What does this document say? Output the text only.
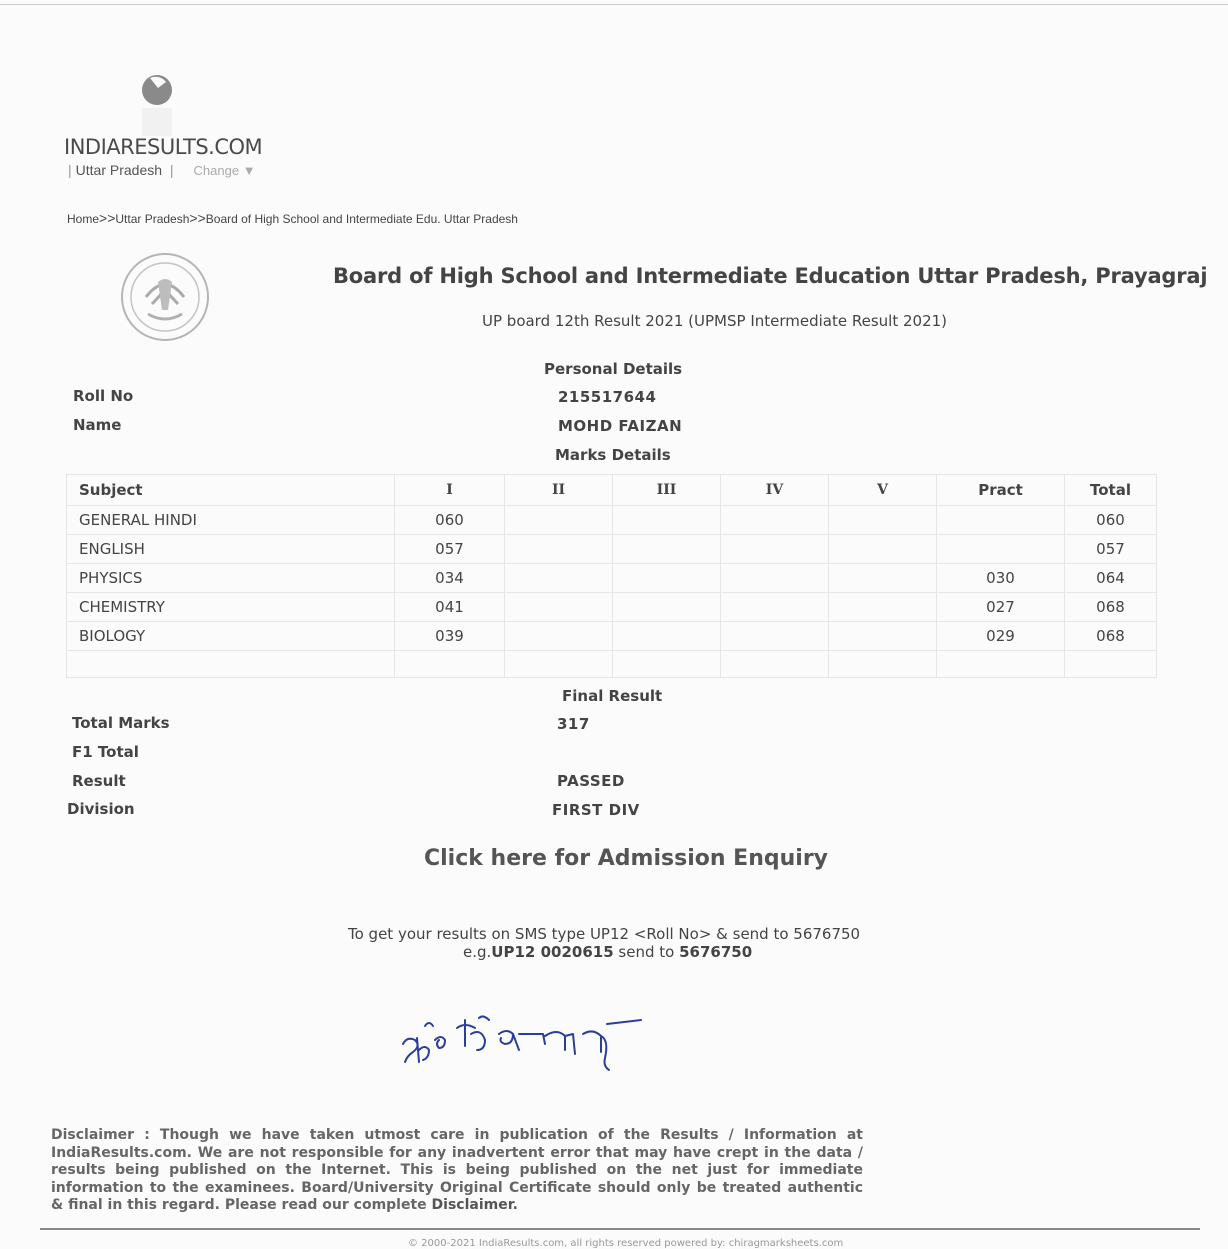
INDIARESULTS.COM
| Uttar Pradesh | Change ▼
Home>>Uttar Pradesh>>Board of High School and Intermediate Edu. Uttar Pradesh
Board of High School and Intermediate Education Uttar Pradesh, Prayagraj
UP board 12th Result 2021 (UPMSP Intermediate Result 2021)
Personal Details
Roll No	215517644
Name	MOHD FAIZAN
Marks Details
Subject	I	II	III	IV	V	Pract	Total
GENERAL HINDI	060						060
ENGLISH	057						057
PHYSICS	034					030	064
CHEMISTRY	041					027	068
BIOLOGY	039					029	068

Final Result
Total Marks	317
F1 Total
Result	PASSED
Division	FIRST DIV
Click here for Admission Enquiry
To get your results on SMS type UP12 <Roll No> & send to 5676750
e.g.UP12 0020615 send to 5676750
मो० फैजान
Disclaimer : Though we have taken utmost care in publication of the Results / Information at IndiaResults.com. We are not responsible for any inadvertent error that may have crept in the data / results being published on the Internet. This is being published on the net just for immediate information to the examinees. Board/University Original Certificate should only be treated authentic & final in this regard. Please read our complete Disclaimer.
© 2000-2021 IndiaResults.com, all rights reserved powered by: chiragmarksheets.com
